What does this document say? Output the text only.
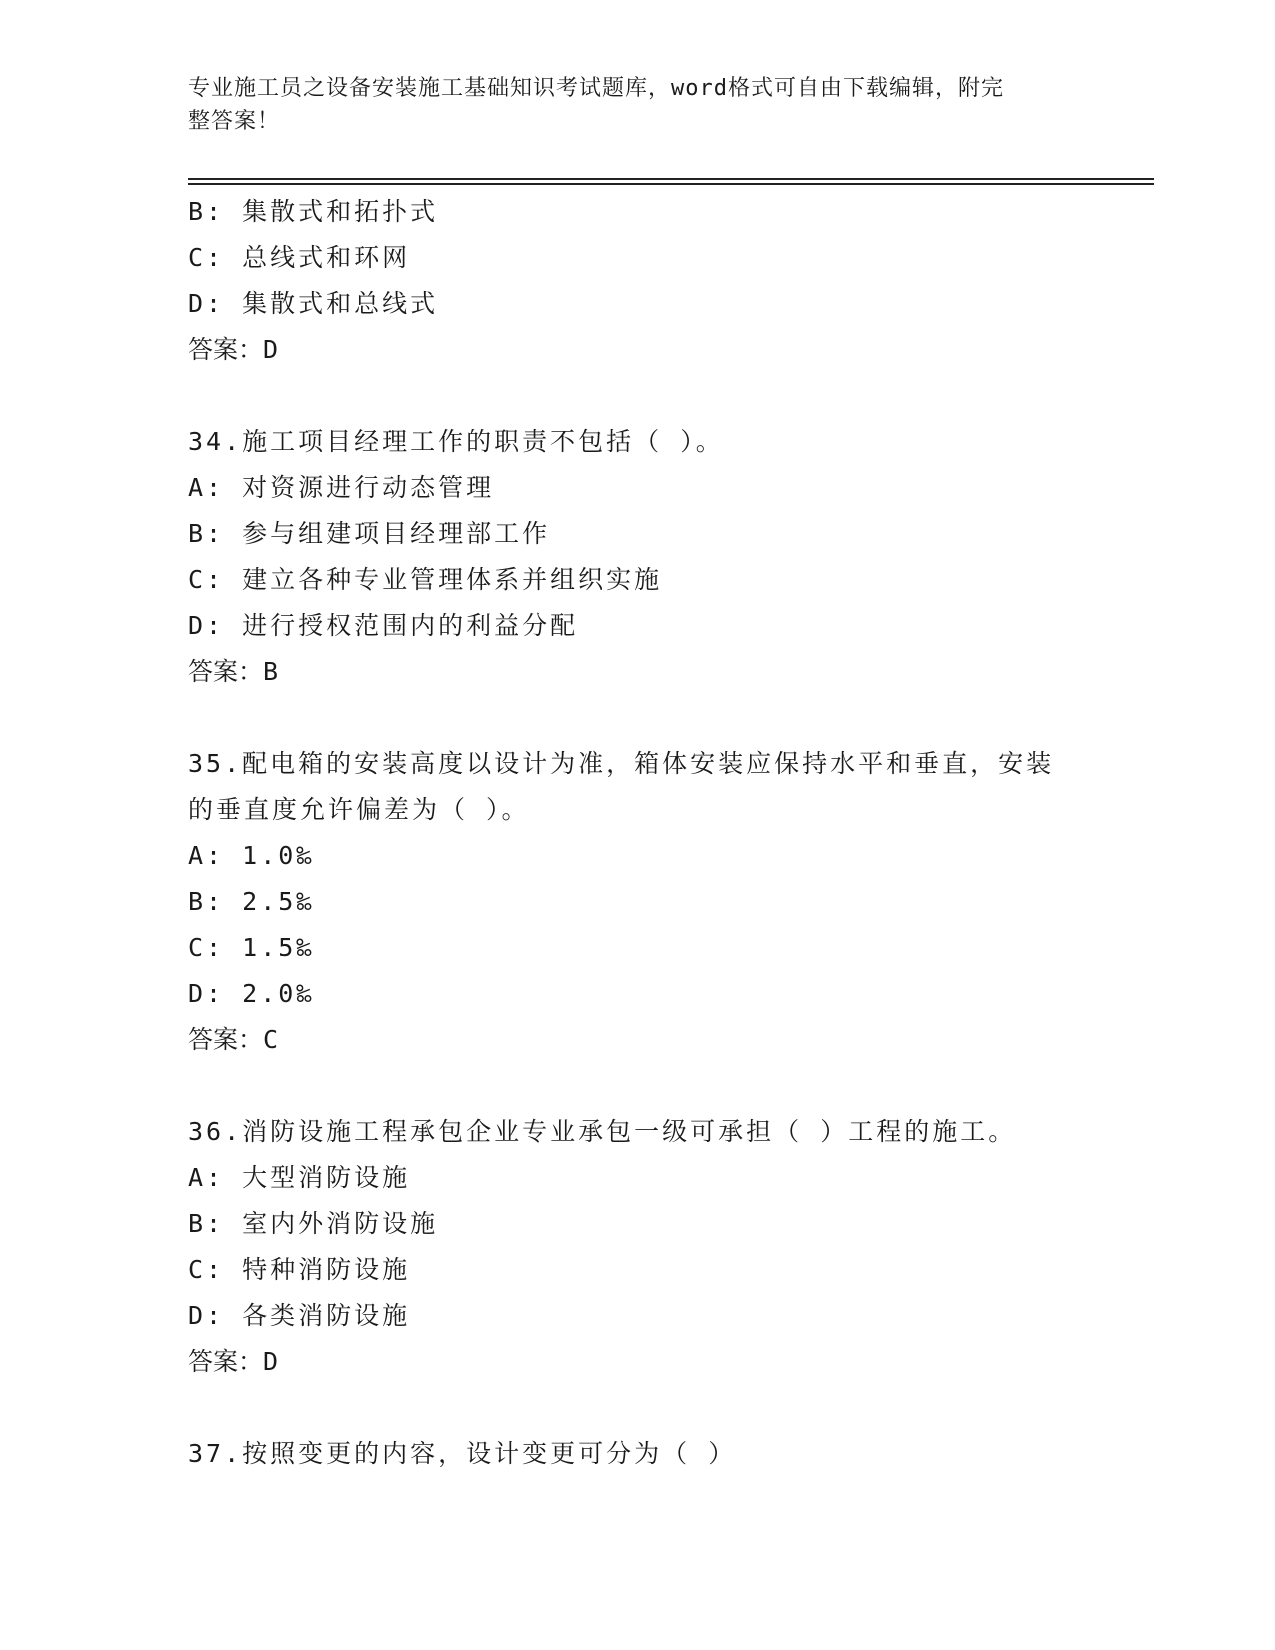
专业施工员之设备安装施工基础知识考试题库，word格式可自由下载编辑，附完
整答案！
B: 集散式和拓扑式
C: 总线式和环网
D: 集散式和总线式
答案：D
34.施工项目经理工作的职责不包括（ ）。
A: 对资源进行动态管理
B: 参与组建项目经理部工作
C: 建立各种专业管理体系并组织实施
D: 进行授权范围内的利益分配
答案：B
35.配电箱的安装高度以设计为准，箱体安装应保持水平和垂直，安装
的垂直度允许偏差为（ ）。
A: 1.0‰
B: 2.5‰
C: 1.5‰
D: 2.0‰
答案：C
36.消防设施工程承包企业专业承包一级可承担（ ）工程的施工。
A: 大型消防设施
B: 室内外消防设施
C: 特种消防设施
D: 各类消防设施
答案：D
37.按照变更的内容，设计变更可分为（ ）
